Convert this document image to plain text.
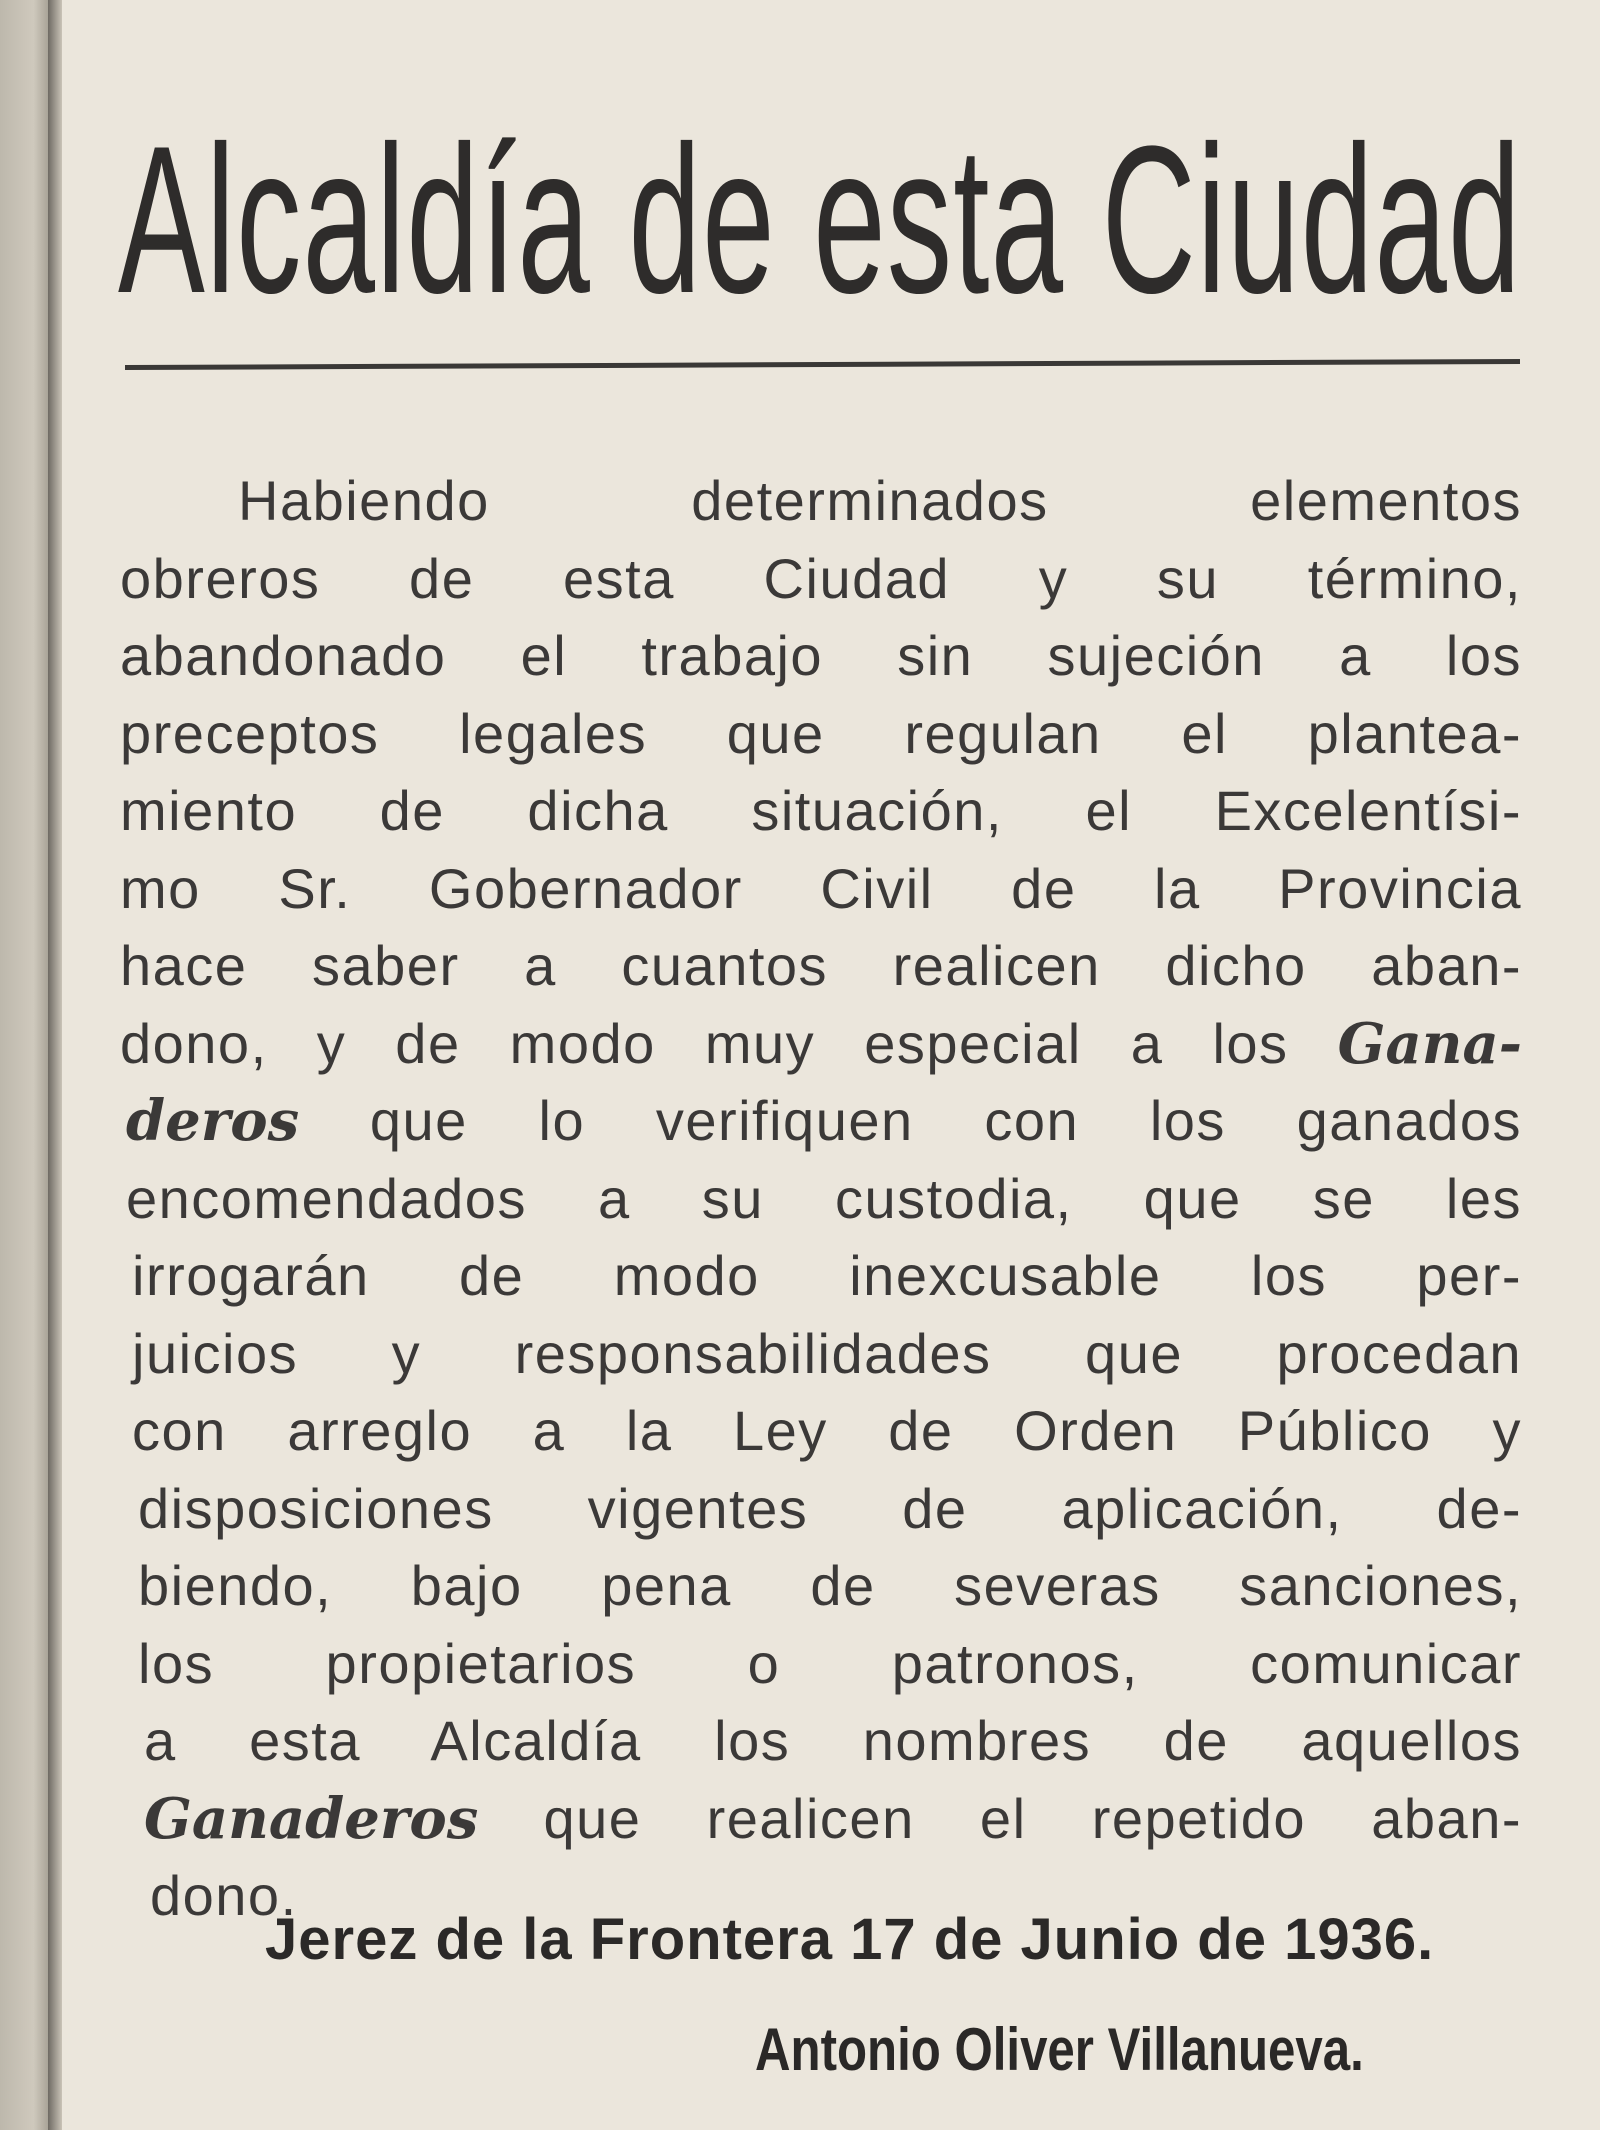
Alcaldía de esta Ciudad
Habiendo determinados elementos
obreros de esta Ciudad y su término,
abandonado el trabajo sin sujeción a los
preceptos legales que regulan el plantea-
miento de dicha situación, el Excelentísi-
mo Sr. Gobernador Civil de la Provincia
hace saber a cuantos realicen dicho aban-
dono, y de modo muy especial a los Gana-
deros que lo verifiquen con los ganados
encomendados a su custodia, que se les
irrogarán de modo inexcusable los per-
juicios y responsabilidades que procedan
con arreglo a la Ley de Orden Público y
disposiciones vigentes de aplicación, de-
biendo, bajo pena de severas sanciones,
los propietarios o patronos, comunicar
a esta Alcaldía los nombres de aquellos
Ganaderos que realicen el repetido aban-
dono.
Jerez de la Frontera 17 de Junio de 1936.
Antonio Oliver Villanueva.
